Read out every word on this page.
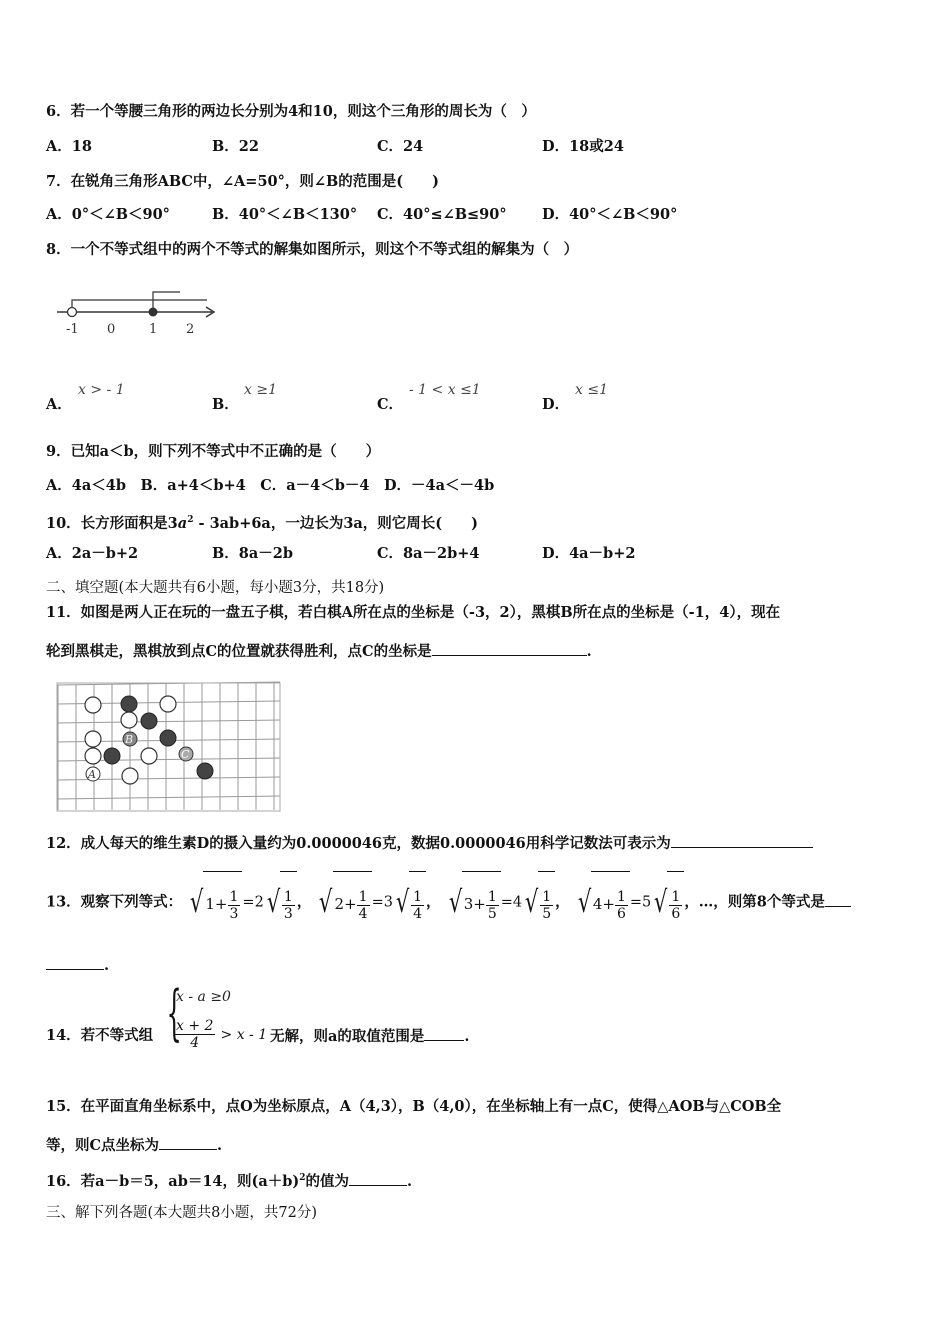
6．若一个等腰三角形的两边长分别为4和10，则这个三角形的周长为（　）
A．18	B．22	C．24	D．18或24
7．在锐角三角形ABC中，∠A=50°，则∠B的范围是(　　)
A．0°＜∠B＜90°	B．40°＜∠B＜130° C．40°≤∠B≤90° D．40°＜∠B＜90°
8．一个不等式组中的两个不等式的解集如图所示，则这个不等式组的解集为（　）
-1 0	1 2
A．
x > - 1
B．
x ≥1
C．
- 1 < x ≤1
D．
x ≤1
9．已知a＜b，则下列不等式中不正确的是（　　）
A．4a＜4b　B．a+4＜b+4　C．a－4＜b－4　D．－4a＜－4b
10．长方形面积是$3a^2 - 3ab+6a$，一边长为3a，则它周长(　　)
A．2a－b+2	B．8a－2b	C．8a－2b+4	D．4a－b+2
二、填空题(本大题共有6小题，每小题3分，共18分)
11．如图是两人正在玩的一盘五子棋，若白棋A所在点的坐标是（-3，2），黑棋B所在点的坐标是（-1，4），现在
轮到黑棋走，黑棋放到点C的位置就获得胜利，点C的坐标是	.
A
B
C
12．成人每天的维生素D的摄入量约为0.0000046克，数据0.0000046用科学记数法可表示为
13．观察下列等式： √ $1+ \frac{1}{3} =2√ \frac{1}{3}$ ， √ $2+ \frac{1}{4} =3√ \frac{1}{4}$ ， √ $3+ \frac{1}{5} =4√ \frac{1}{5}$ ， √ $4+ \frac{1}{6} =5√ \frac{1}{6}$ ，…，则第8个等式是
.
14．若不等式组 {
x - a ≥0
$\frac{x + 2}{4} > x - 1$ 无解，则a的取值范围是	.
15．在平面直角坐标系中，点O为坐标原点，A（4,3），B（4,0），在坐标轴上有一点C，使得△AOB与△COB全
等，则C点坐标为	.
16．若a－b＝5，ab＝14，则$(a+b)^2$的值为	.
三、解下列各题(本大题共8小题，共72分)
